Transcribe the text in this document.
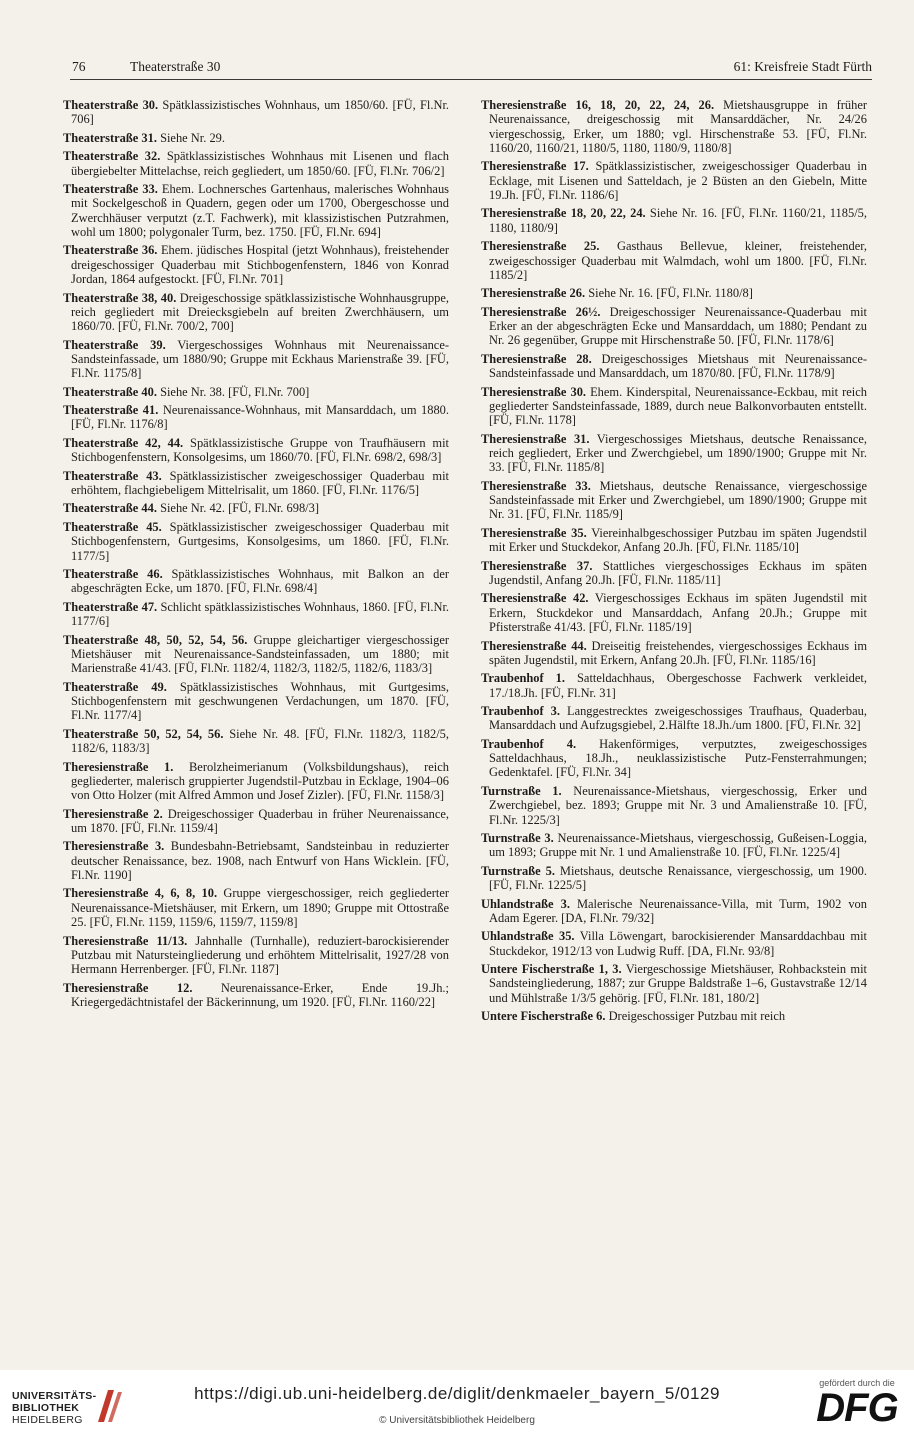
76	Theaterstraße 30	61: Kreisfreie Stadt Fürth

Theaterstraße 30. Spätklassizistisches Wohnhaus, um 1850/60. [FÜ, Fl.Nr. 706]

Theaterstraße 31. Siehe Nr. 29.

Theaterstraße 32. Spätklassizistisches Wohnhaus mit Lisenen und flach übergiebelter Mittelachse, reich gegliedert, um 1850/60. [FÜ, Fl.Nr. 706/2]

Theaterstraße 33. Ehem. Lochnersches Gartenhaus, malerisches Wohnhaus mit Sockelgeschoß in Quadern, gegen oder um 1700, Obergeschosse und Zwerchhäuser verputzt (z.T. Fachwerk), mit klassizistischen Putzrahmen, wohl um 1800; polygonaler Turm, bez. 1750. [FÜ, Fl.Nr. 694]

Theaterstraße 36. Ehem. jüdisches Hospital (jetzt Wohnhaus), freistehender dreigeschossiger Quaderbau mit Stichbogenfenstern, 1846 von Konrad Jordan, 1864 aufgestockt. [FÜ, Fl.Nr. 701]

Theaterstraße 38, 40. Dreigeschossige spätklassizistische Wohnhausgruppe, reich gegliedert mit Dreiecksgiebeln auf breiten Zwerchhäusern, um 1860/70. [FÜ, Fl.Nr. 700/2, 700]

Theaterstraße 39. Viergeschossiges Wohnhaus mit Neurenaissance-Sandsteinfassade, um 1880/90; Gruppe mit Eckhaus Marienstraße 39. [FÜ, Fl.Nr. 1175/8]

Theaterstraße 40. Siehe Nr. 38. [FÜ, Fl.Nr. 700]

Theaterstraße 41. Neurenaissance-Wohnhaus, mit Mansarddach, um 1880. [FÜ, Fl.Nr. 1176/8]

Theaterstraße 42, 44. Spätklassizistische Gruppe von Traufhäusern mit Stichbogenfenstern, Konsolgesims, um 1860/70. [FÜ, Fl.Nr. 698/2, 698/3]

Theaterstraße 43. Spätklassizistischer zweigeschossiger Quaderbau mit erhöhtem, flachgiebeligem Mittelrisalit, um 1860. [FÜ, Fl.Nr. 1176/5]

Theaterstraße 44. Siehe Nr. 42. [FÜ, Fl.Nr. 698/3]

Theaterstraße 45. Spätklassizistischer zweigeschossiger Quaderbau mit Stichbogenfenstern, Gurtgesims, Konsolgesims, um 1860. [FÜ, Fl.Nr. 1177/5]

Theaterstraße 46. Spätklassizistisches Wohnhaus, mit Balkon an der abgeschrägten Ecke, um 1870. [FÜ, Fl.Nr. 698/4]

Theaterstraße 47. Schlicht spätklassizistisches Wohnhaus, 1860. [FÜ, Fl.Nr. 1177/6]

Theaterstraße 48, 50, 52, 54, 56. Gruppe gleichartiger viergeschossiger Mietshäuser mit Neurenaissance-Sandsteinfassaden, um 1880; mit Marienstraße 41/43. [FÜ, Fl.Nr. 1182/4, 1182/3, 1182/5, 1182/6, 1183/3]

Theaterstraße 49. Spätklassizistisches Wohnhaus, mit Gurtgesims, Stichbogenfenstern mit geschwungenen Verdachungen, um 1870. [FÜ, Fl.Nr. 1177/4]

Theaterstraße 50, 52, 54, 56. Siehe Nr. 48. [FÜ, Fl.Nr. 1182/3, 1182/5, 1182/6, 1183/3]

Theresienstraße 1. Berolzheimerianum (Volksbildungshaus), reich gegliederter, malerisch gruppierter Jugendstil-Putzbau in Ecklage, 1904–06 von Otto Holzer (mit Alfred Ammon und Josef Zizler). [FÜ, Fl.Nr. 1158/3]

Theresienstraße 2. Dreigeschossiger Quaderbau in früher Neurenaissance, um 1870. [FÜ, Fl.Nr. 1159/4]

Theresienstraße 3. Bundesbahn-Betriebsamt, Sandsteinbau in reduzierter deutscher Renaissance, bez. 1908, nach Entwurf von Hans Wicklein. [FÜ, Fl.Nr. 1190]

Theresienstraße 4, 6, 8, 10. Gruppe viergeschossiger, reich gegliederter Neurenaissance-Mietshäuser, mit Erkern, um 1890; Gruppe mit Ottostraße 25. [FÜ, Fl.Nr. 1159, 1159/6, 1159/7, 1159/8]

Theresienstraße 11/13. Jahnhalle (Turnhalle), reduziert-barockisierender Putzbau mit Natursteingliederung und erhöhtem Mittelrisalit, 1927/28 von Hermann Herrenberger. [FÜ, Fl.Nr. 1187]

Theresienstraße 12. Neurenaissance-Erker, Ende 19.Jh.; Kriegergedächtnistafel der Bäckerinnung, um 1920. [FÜ, Fl.Nr. 1160/22]

Theresienstraße 16, 18, 20, 22, 24, 26. Mietshausgruppe in früher Neurenaissance, dreigeschossig mit Mansarddächer, Nr. 24/26 viergeschossig, Erker, um 1880; vgl. Hirschenstraße 53. [FÜ, Fl.Nr. 1160/20, 1160/21, 1180/5, 1180, 1180/9, 1180/8]

Theresienstraße 17. Spätklassizistischer, zweigeschossiger Quaderbau in Ecklage, mit Lisenen und Satteldach, je 2 Büsten an den Giebeln, Mitte 19.Jh. [FÜ, Fl.Nr. 1186/6]

Theresienstraße 18, 20, 22, 24. Siehe Nr. 16. [FÜ, Fl.Nr. 1160/21, 1185/5, 1180, 1180/9]

Theresienstraße 25. Gasthaus Bellevue, kleiner, freistehender, zweigeschossiger Quaderbau mit Walmdach, wohl um 1800. [FÜ, Fl.Nr. 1185/2]

Theresienstraße 26. Siehe Nr. 16. [FÜ, Fl.Nr. 1180/8]

Theresienstraße 26½. Dreigeschossiger Neurenaissance-Quaderbau mit Erker an der abgeschrägten Ecke und Mansarddach, um 1880; Pendant zu Nr. 26 gegenüber, Gruppe mit Hirschenstraße 50. [FÜ, Fl.Nr. 1178/6]

Theresienstraße 28. Dreigeschossiges Mietshaus mit Neurenaissance-Sandsteinfassade und Mansarddach, um 1870/80. [FÜ, Fl.Nr. 1178/9]

Theresienstraße 30. Ehem. Kinderspital, Neurenaissance-Eckbau, mit reich gegliederter Sandsteinfassade, 1889, durch neue Balkonvorbauten entstellt. [FÜ, Fl.Nr. 1178]

Theresienstraße 31. Viergeschossiges Mietshaus, deutsche Renaissance, reich gegliedert, Erker und Zwerchgiebel, um 1890/1900; Gruppe mit Nr. 33. [FÜ, Fl.Nr. 1185/8]

Theresienstraße 33. Mietshaus, deutsche Renaissance, viergeschossige Sandsteinfassade mit Erker und Zwerchgiebel, um 1890/1900; Gruppe mit Nr. 31. [FÜ, Fl.Nr. 1185/9]

Theresienstraße 35. Viereinhalbgeschossiger Putzbau im späten Jugendstil mit Erker und Stuckdekor, Anfang 20.Jh. [FÜ, Fl.Nr. 1185/10]

Theresienstraße 37. Stattliches viergeschossiges Eckhaus im späten Jugendstil, Anfang 20.Jh. [FÜ, Fl.Nr. 1185/11]

Theresienstraße 42. Viergeschossiges Eckhaus im späten Jugendstil mit Erkern, Stuckdekor und Mansarddach, Anfang 20.Jh.; Gruppe mit Pfisterstraße 41/43. [FÜ, Fl.Nr. 1185/19]

Theresienstraße 44. Dreiseitig freistehendes, viergeschossiges Eckhaus im späten Jugendstil, mit Erkern, Anfang 20.Jh. [FÜ, Fl.Nr. 1185/16]

Traubenhof 1. Satteldachhaus, Obergeschosse Fachwerk verkleidet, 17./18.Jh. [FÜ, Fl.Nr. 31]

Traubenhof 3. Langgestrecktes zweigeschossiges Traufhaus, Quaderbau, Mansarddach und Aufzugsgiebel, 2.Hälfte 18.Jh./um 1800. [FÜ, Fl.Nr. 32]

Traubenhof 4. Hakenförmiges, verputztes, zweigeschossiges Satteldachhaus, 18.Jh., neuklassizistische Putz-Fensterrahmungen; Gedenktafel. [FÜ, Fl.Nr. 34]

Turnstraße 1. Neurenaissance-Mietshaus, viergeschossig, Erker und Zwerchgiebel, bez. 1893; Gruppe mit Nr. 3 und Amalienstraße 10. [FÜ, Fl.Nr. 1225/3]

Turnstraße 3. Neurenaissance-Mietshaus, viergeschossig, Gußeisen-Loggia, um 1893; Gruppe mit Nr. 1 und Amalienstraße 10. [FÜ, Fl.Nr. 1225/4]

Turnstraße 5. Mietshaus, deutsche Renaissance, viergeschossig, um 1900. [FÜ, Fl.Nr. 1225/5]

Uhlandstraße 3. Malerische Neurenaissance-Villa, mit Turm, 1902 von Adam Egerer. [DA, Fl.Nr. 79/32]

Uhlandstraße 35. Villa Löwengart, barockisierender Mansarddachbau mit Stuckdekor, 1912/13 von Ludwig Ruff. [DA, Fl.Nr. 93/8]

Untere Fischerstraße 1, 3. Viergeschossige Mietshäuser, Rohbackstein mit Sandsteingliederung, 1887; zur Gruppe Baldstraße 1–6, Gustavstraße 12/14 und Mühlstraße 1/3/5 gehörig. [FÜ, Fl.Nr. 181, 180/2]

Untere Fischerstraße 6. Dreigeschossiger Putzbau mit reich

UNIVERSITÄTS-
BIBLIOTHEK
HEIDELBERG
https://digi.ub.uni-heidelberg.de/diglit/denkmaeler_bayern_5/0129
© Universitätsbibliothek Heidelberg
gefördert durch die
DFG
